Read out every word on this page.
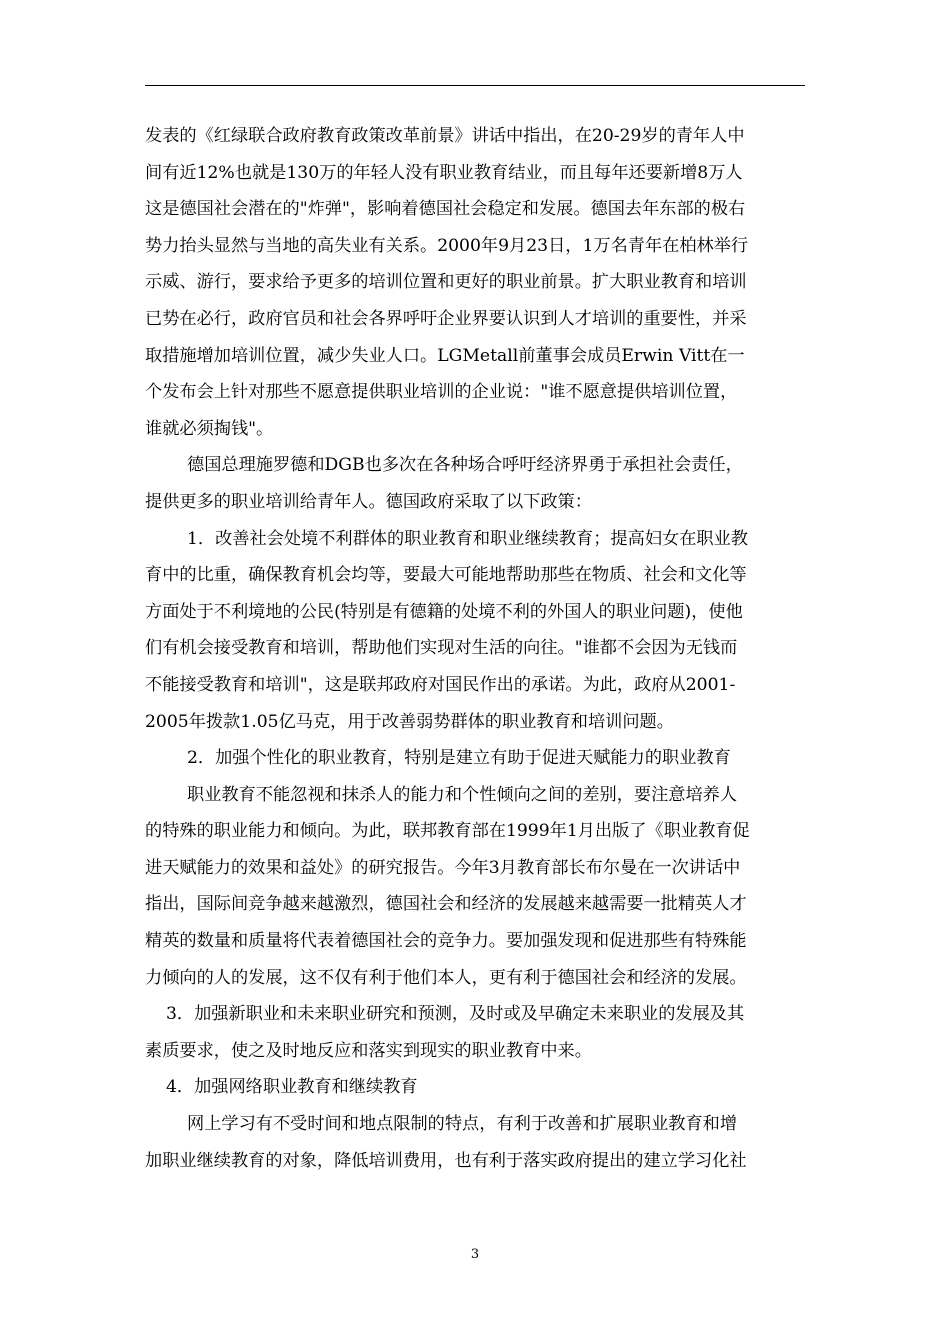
发表的《红绿联合政府教育政策改革前景》讲话中指出，在20-29岁的青年人中
间有近12%也就是130万的年轻人没有职业教育结业，而且每年还要新增8万人
这是德国社会潜在的"炸弹"，影响着德国社会稳定和发展。德国去年东部的极右
势力抬头显然与当地的高失业有关系。2000年9月23日，1万名青年在柏林举行
示威、游行，要求给予更多的培训位置和更好的职业前景。扩大职业教育和培训
已势在必行，政府官员和社会各界呼吁企业界要认识到人才培训的重要性，并采
取措施增加培训位置，减少失业人口。LGMetall前董事会成员Erwin Vitt在一
个发布会上针对那些不愿意提供职业培训的企业说："谁不愿意提供培训位置，
谁就必须掏钱"。
德国总理施罗德和DGB也多次在各种场合呼吁经济界勇于承担社会责任，
提供更多的职业培训给青年人。德国政府采取了以下政策：
1．改善社会处境不利群体的职业教育和职业继续教育；提高妇女在职业教
育中的比重，确保教育机会均等，要最大可能地帮助那些在物质、社会和文化等
方面处于不利境地的公民(特别是有德籍的处境不利的外国人的职业问题)，使他
们有机会接受教育和培训，帮助他们实现对生活的向往。"谁都不会因为无钱而
不能接受教育和培训"，这是联邦政府对国民作出的承诺。为此，政府从2001-
2005年拨款1.05亿马克，用于改善弱势群体的职业教育和培训问题。
2．加强个性化的职业教育，特别是建立有助于促进天赋能力的职业教育
职业教育不能忽视和抹杀人的能力和个性倾向之间的差别，要注意培养人
的特殊的职业能力和倾向。为此，联邦教育部在1999年1月出版了《职业教育促
进天赋能力的效果和益处》的研究报告。今年3月教育部长布尔曼在一次讲话中
指出，国际间竞争越来越激烈，德国社会和经济的发展越来越需要一批精英人才
精英的数量和质量将代表着德国社会的竞争力。要加强发现和促进那些有特殊能
力倾向的人的发展，这不仅有利于他们本人，更有利于德国社会和经济的发展。
3．加强新职业和未来职业研究和预测，及时或及早确定未来职业的发展及其
素质要求，使之及时地反应和落实到现实的职业教育中来。
4．加强网络职业教育和继续教育
网上学习有不受时间和地点限制的特点，有利于改善和扩展职业教育和增
加职业继续教育的对象，降低培训费用，也有利于落实政府提出的建立学习化社
3
